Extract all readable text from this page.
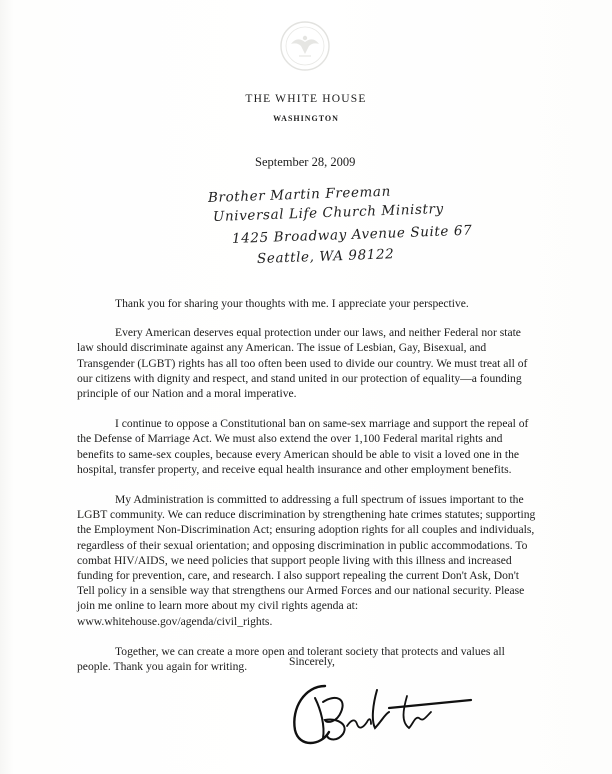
THE WHITE HOUSE
WASHINGTON
September 28, 2009
Brother Martin Freeman
Universal Life Church Ministry
1425 Broadway Avenue Suite 67
Seattle, WA 98122

Thank you for sharing your thoughts with me. I appreciate your perspective.

Every American deserves equal protection under our laws, and neither Federal nor state law should discriminate against any American. The issue of Lesbian, Gay, Bisexual, and Transgender (LGBT) rights has all too often been used to divide our country. We must treat all of our citizens with dignity and respect, and stand united in our protection of equality—a founding principle of our Nation and a moral imperative.

I continue to oppose a Constitutional ban on same-sex marriage and support the repeal of the Defense of Marriage Act. We must also extend the over 1,100 Federal marital rights and benefits to same-sex couples, because every American should be able to visit a loved one in the hospital, transfer property, and receive equal health insurance and other employment benefits.

My Administration is committed to addressing a full spectrum of issues important to the LGBT community. We can reduce discrimination by strengthening hate crimes statutes; supporting the Employment Non-Discrimination Act; ensuring adoption rights for all couples and individuals, regardless of their sexual orientation; and opposing discrimination in public accommodations. To combat HIV/AIDS, we need policies that support people living with this illness and increased funding for prevention, care, and research. I also support repealing the current Don't Ask, Don't Tell policy in a sensible way that strengthens our Armed Forces and our national security. Please join me online to learn more about my civil rights agenda at: www.whitehouse.gov/agenda/civil_rights.

Together, we can create a more open and tolerant society that protects and values all people. Thank you again for writing.	Sincerely,
